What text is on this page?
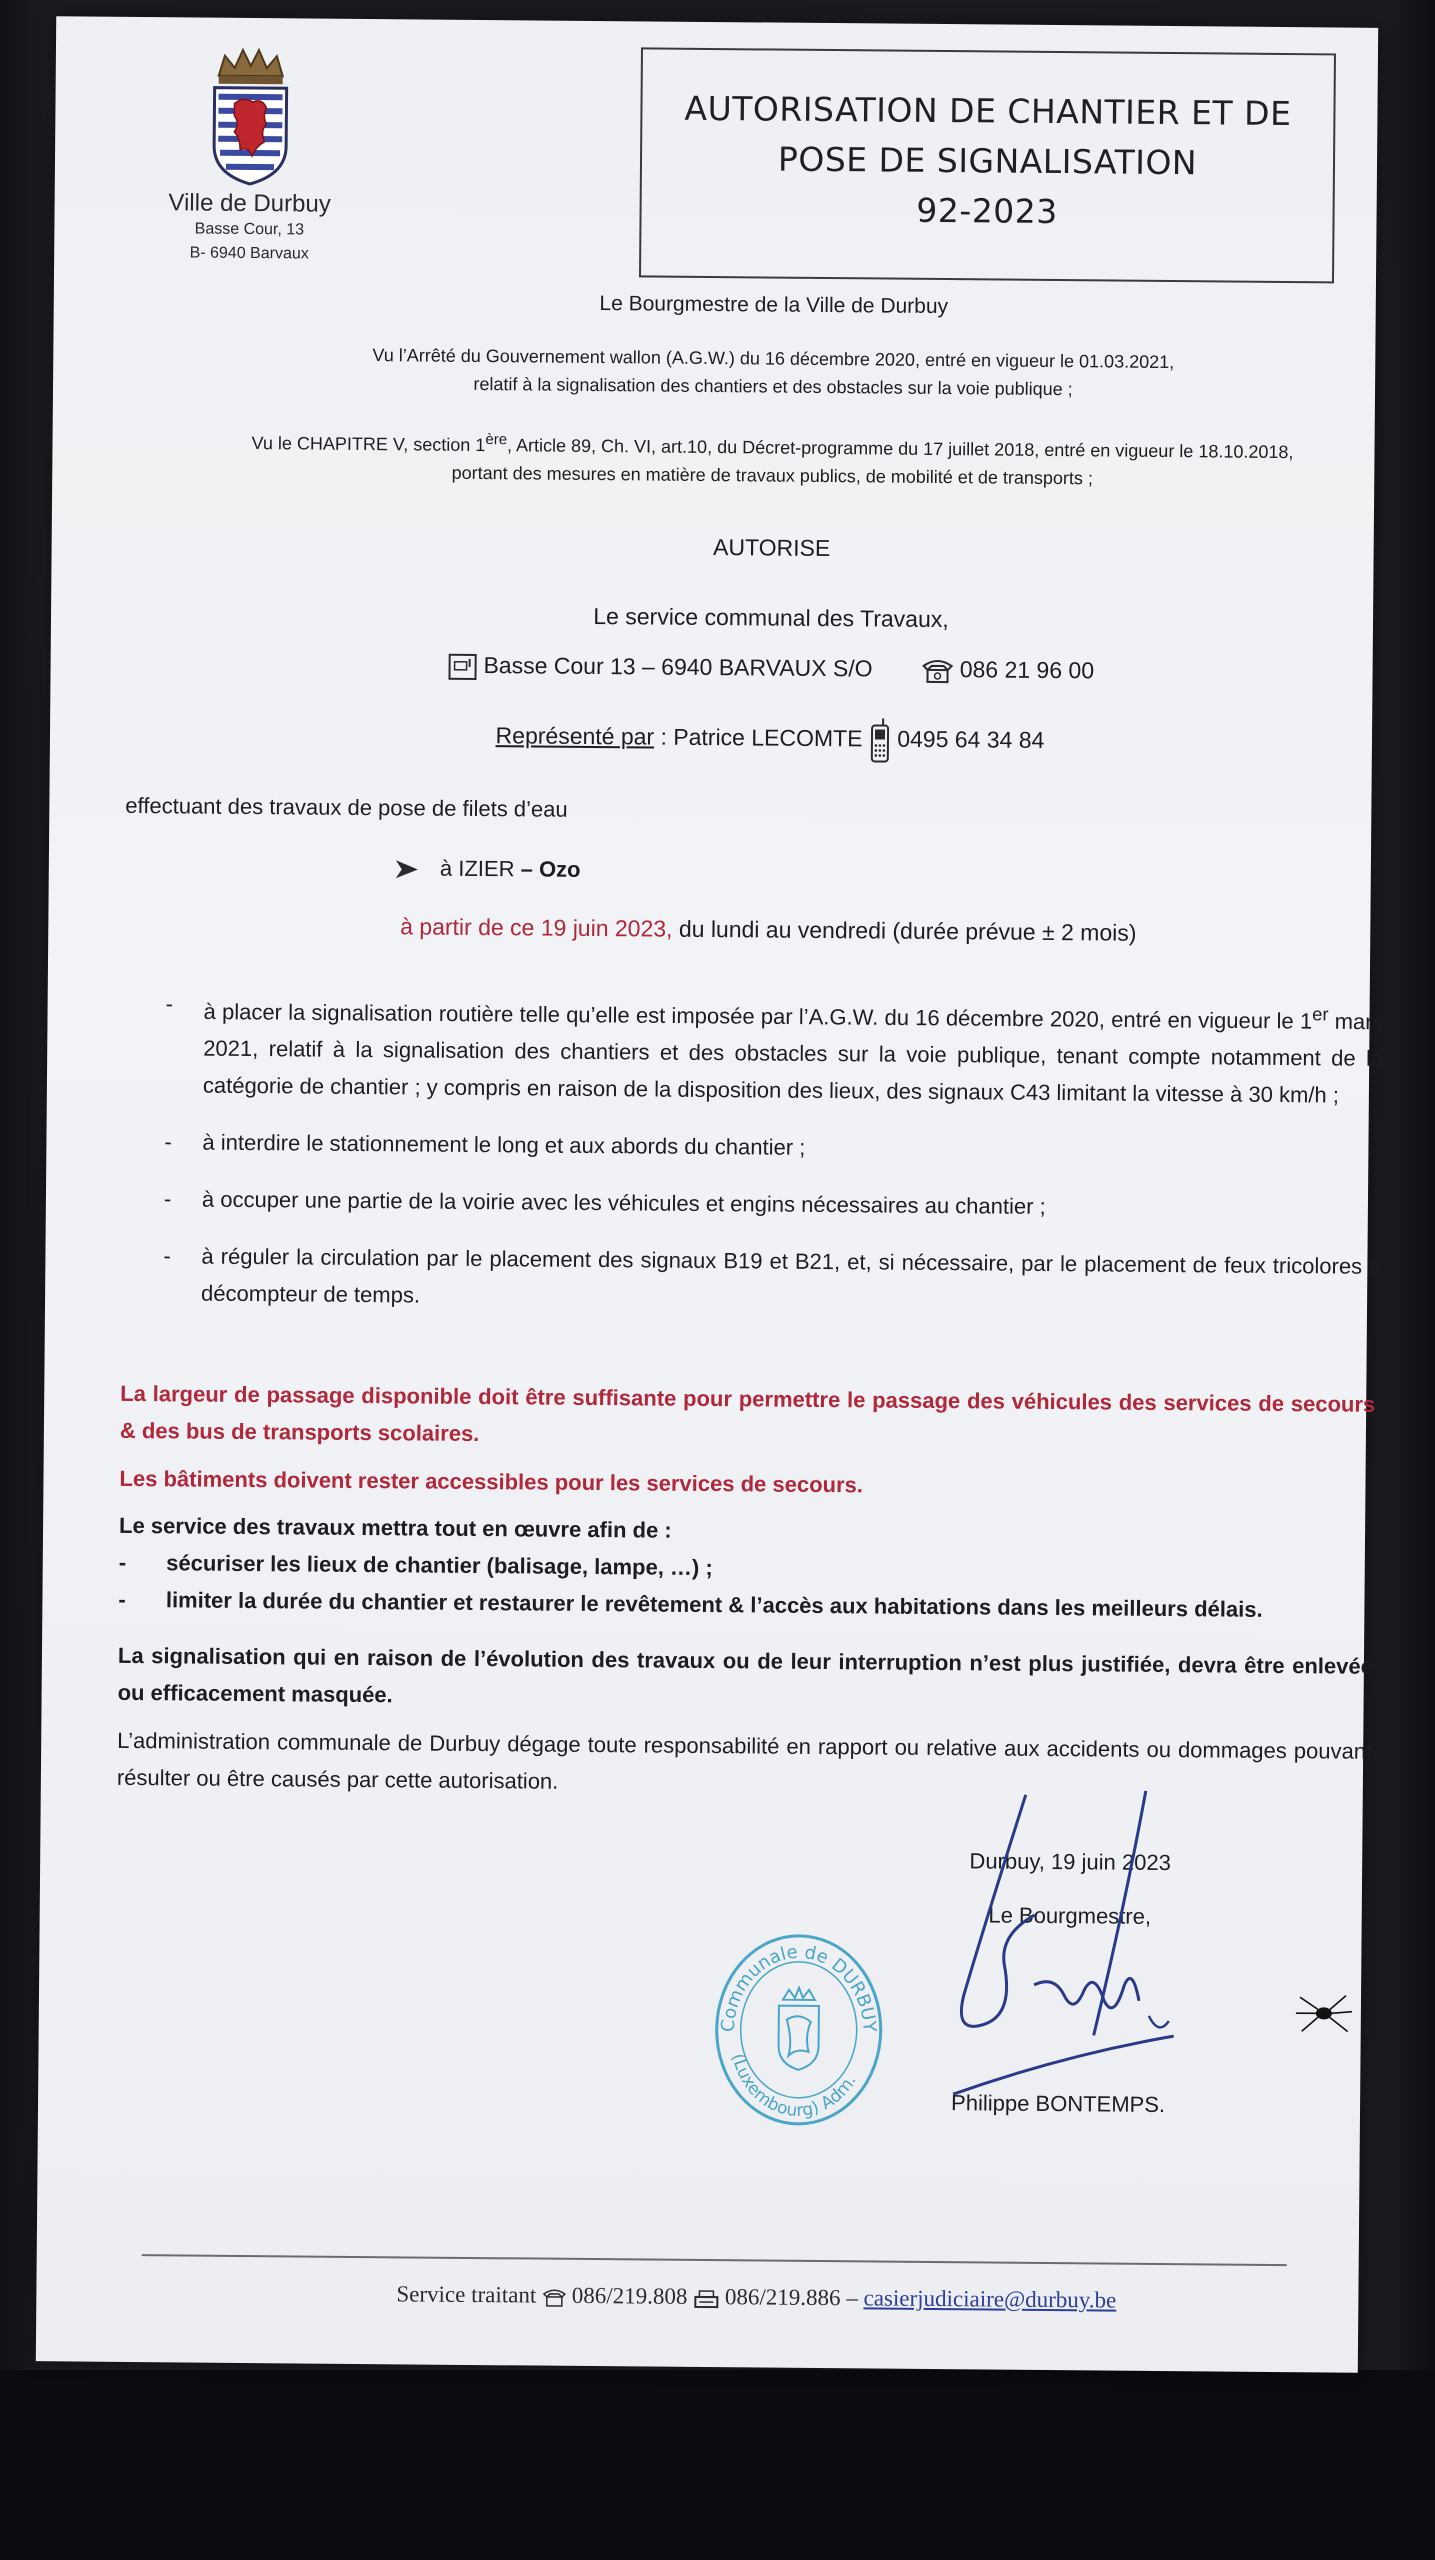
Ville de Durbuy
Basse Cour, 13
B- 6940 Barvaux
AUTORISATION DE CHANTIER ET DE
POSE DE SIGNALISATION
92-2023
Le Bourgmestre de la Ville de Durbuy
Vu l’Arrêté du Gouvernement wallon (A.G.W.) du 16 décembre 2020, entré en vigueur le 01.03.2021,
relatif à la signalisation des chantiers et des obstacles sur la voie publique ;
Vu le CHAPITRE V, section 1ère, Article 89, Ch. VI, art.10, du Décret-programme du 17 juillet 2018, entré en vigueur le 18.10.2018,
portant des mesures en matière de travaux publics, de mobilité et de transports ;
AUTORISE
Le service communal des Travaux,
Basse Cour 13 – 6940 BARVAUX S/O	086 21 96 00
Représenté par : Patrice LECOMTE 0495 64 34 84
effectuant des travaux de pose de filets d’eau
à IZIER – Ozo
à partir de ce 19 juin 2023, du lundi au vendredi (durée prévue ± 2 mois)
- à placer la signalisation routière telle qu’elle est imposée par l’A.G.W. du 16 décembre 2020, entré en vigueur le 1er mars 2021, relatif à la signalisation des chantiers et des obstacles sur la voie publique, tenant compte notamment de la catégorie de chantier ; y compris en raison de la disposition des lieux, des signaux C43 limitant la vitesse à 30 km/h ;
- à interdire le stationnement le long et aux abords du chantier ;
- à occuper une partie de la voirie avec les véhicules et engins nécessaires au chantier ;
- à réguler la circulation par le placement des signaux B19 et B21, et, si nécessaire, par le placement de feux tricolores à décompteur de temps.
La largeur de passage disponible doit être suffisante pour permettre le passage des véhicules des services de secours & des bus de transports scolaires.
Les bâtiments doivent rester accessibles pour les services de secours.
Le service des travaux mettra tout en œuvre afin de :
- sécuriser les lieux de chantier (balisage, lampe, …) ;
- limiter la durée du chantier et restaurer le revêtement & l’accès aux habitations dans les meilleurs délais.
La signalisation qui en raison de l’évolution des travaux ou de leur interruption n’est plus justifiée, devra être enlevée ou efficacement masquée.
L’administration communale de Durbuy dégage toute responsabilité en rapport ou relative aux accidents ou dommages pouvant résulter ou être causés par cette autorisation.
Durbuy, 19 juin 2023
Le Bourgmestre,
Philippe BONTEMPS.
Communale de DURBUY
(Luxembourg) Adm.
Service traitant 086/219.808 086/219.886 – casierjudiciaire@durbuy.be
